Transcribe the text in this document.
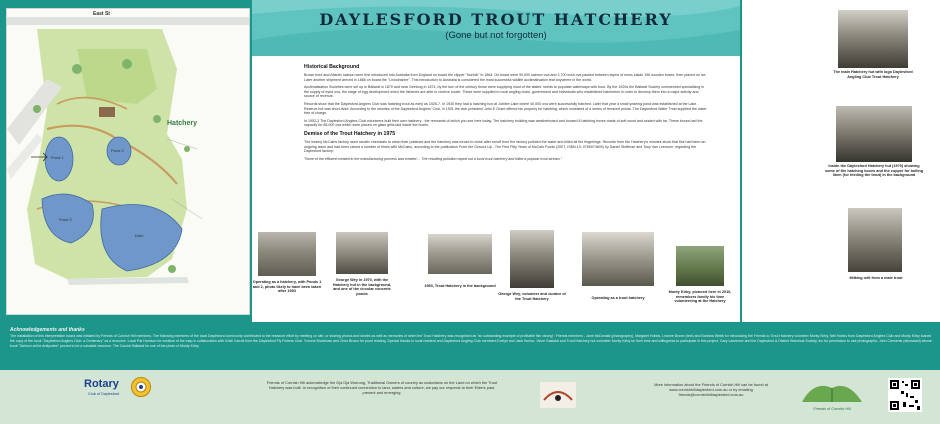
East St
Hatchery
Pond 1
Pond 2
Pond 3
Dam
DAYLESFORD TROUT HATCHERY
(Gone but not forgotten)
Historical Background
Brown trout and Atlantic salmon were first introduced into Australia from England on board the clipper "Norfolk" in 1864. On board were 90,000 salmon ova and 2,700 trout ova packed between layers of moss inside 196 wooden boxes, then placed on ice. Later another shipment arrived in 1866 on board the "Lincolnshire". This introduction to Australia is considered the most successful wildlife acclimatisation feat anywhere in the world.
Acclimatisation Societies were set up in Ballarat in 1870 and near Geelong in 1874, by the turn of the century these were supplying most of the states' needs to populate waterways with trout. By the 1920s the Ballarat Society commenced specialising in the supply of eyed ova, the stage of egg development when the fisheries are able to receive cooler. These were supplied to local angling clubs, government and individuals who established hatcheries in order to develop them into a major activity and source of revenue.
Records show that the Daylesford Anglers Club was hatching trout as early as 1926-7. In 1930 they had a hatching box at Jubilee Lake where 40,000 ova were successfully hatched. Later that year a small yearling pond was established at the Lake Reserve but was short-lived. According to the minutes of the Daylesford Anglers' Club, in 1931 the club president John E Grant offered his property for hatching, which consisted of a series of terraced ponds. The Daylesford Water Trust supplied the water free of charge.
In 1952-3 The Daylesford Anglers Club volunteers built their own hatchery - the remnants of which you see here today. The hatchery building was weatherboard and housed 8 hatching boxes made of soft wood and sealed with tar. These boxes had the capacity for 85,000 ova which were placed on glass grills laid inside the boxes.
Demise of the Trout Hatchery in 1975
The nearby McCains factory used caustic chemicals to clean their potatoes and the hatchery was forced to close after runoff from the factory polluted the water and killed all the fingerlings. Records from the Hatchery's minutes show that this had been an ongoing issue and had been raised a number of times with McCains, according to the publication From the Ground Up - The First Fifty Years of McCain Foods (2007, ISBN-10: 0789074600) by Daniel Stoffman and Tony Van Leersum, regarding the Daylesford factory:
"None of the effluent created in the manufacturing process was treated ... The resulting pollution wiped out a local trout hatchery and killed a popular trout stream."
Operating as a hatchery, with Ponds 1 and 2, photo likely to have been taken after 1953
George Wey in 1970, with the Hatchery hut in the background, and one of the circular concrete ponds
1953, Trout Hatchery in the background
George Wey, volunteer and curator of the Trout Hatchery	Operating as a trout hatchery
Monty Kirby, pictured here in 2016, remembers fondly his time volunteering at the Hatchery
The main Hatchery hut with logo Daylesford Angling Club Trout Hatchery
Inside the Daylesford Hatchery hut (1970) showing some of the hatching boxes and the copper for boiling linen (for feeding the trout) in the background
Milking milt from a male trout
Acknowledgements and thanks
The installation of this interpretation board was initiated by Friends of Cornish Hill members. The following members of the local Daylesford community contributed to the research effort by meeting on site, or sharing photos and stories as well as memories of when the Trout Hatchery was recognised as "an outstanding example of profitable fish raising": Friends members - Jane McDonald (photography), Margaret Hobbs, Leanne Brown (text) and Barbara Webb for introducing the Friends to Trout Hatchery volunteer Monty Kirby. Neil Hobbs from Daylesford Anglers Club and Monty Kirby loaned the copy of the book "Daylesford Anglers Club: a Centenary" as a resource. Local Pat Harrison for creation of the map in collaboration with Kristi Carroll from the Daylesford Fly Fishers Club. Yvonne Bradshaw and Chris Brown for proof reading. Special thanks to local resident and Daylesford Angling Club members Evelyn and Jack Horton, Vince Gastaldi and Trout Hatchery hut volunteer Monty Kirby for their time and willingness to participate in this project. Gary Lawrence and the Daylesford & District Historical Society, Inc for permission to use photographs. John Clements (deceased) whose book "Salmon at the Antipodes" proved to be a valuable resource. The Courier Ballarat for use of the photo of Monty Kirby.
Rotary
Club of Daylesford
Friends of Cornish Hill acknowledge the Dja Dja Wurrung, Traditional Owners of country as custodians on the Land on which the Trout Hatchery was built. In recognition of their continued connection to land, waters and culture, we pay our respects to their Elders past, present and emerging.
More information about the Friends of Cornish Hill can be found at www.cornishhilldaylesford.com.au or by emailing friends@cornishhilldaylesford.com.au
Friends of Cornish Hill
